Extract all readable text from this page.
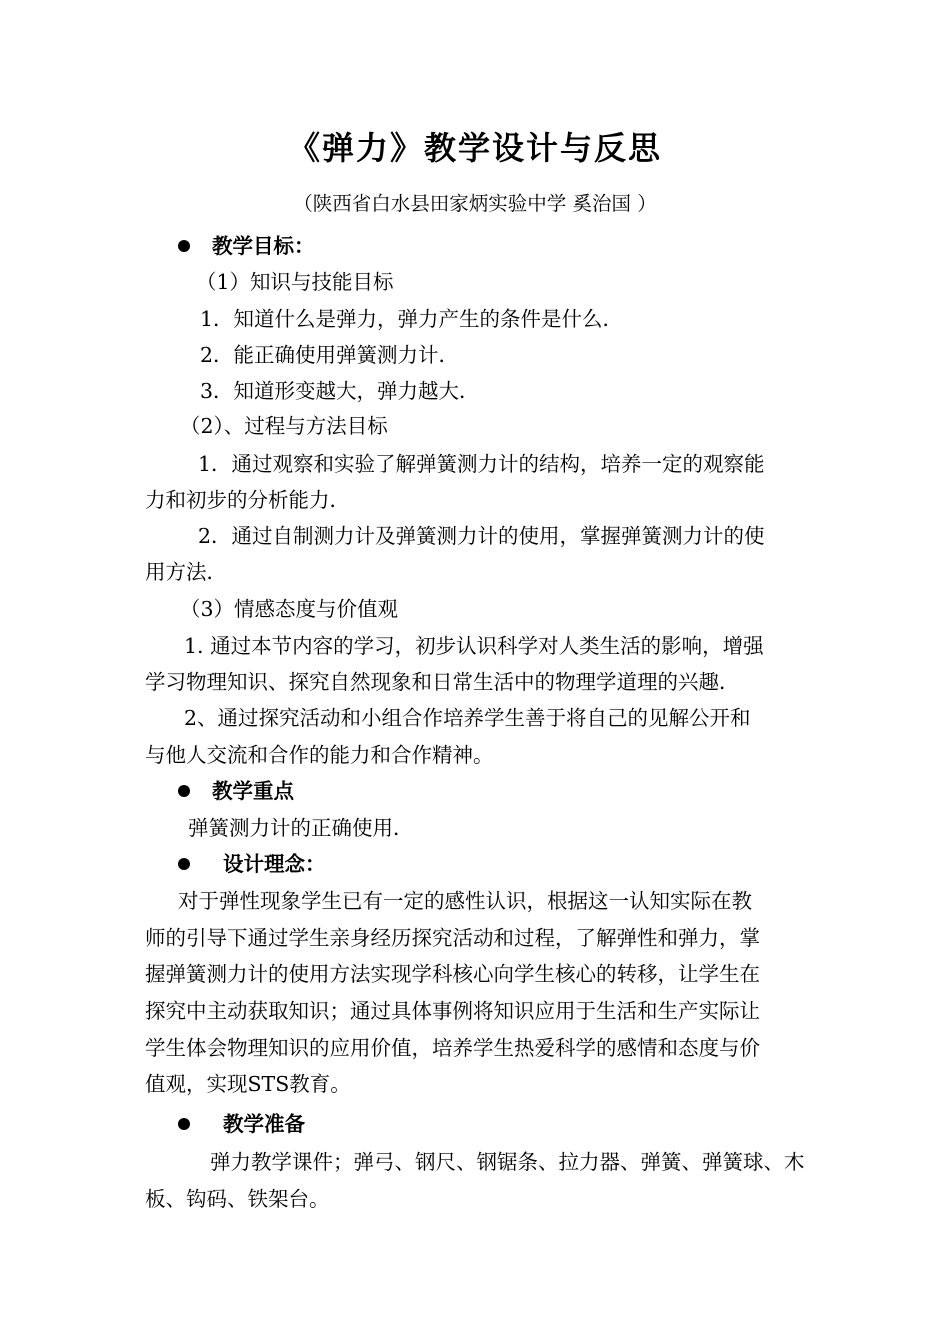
《弹力》教学设计与反思
（陕西省白水县田家炳实验中学 奚治国 ）
教学目标：
（1）知识与技能目标
1．知道什么是弹力，弹力产生的条件是什么．
2．能正确使用弹簧测力计．
3．知道形变越大，弹力越大．
（2）、过程与方法目标
1．通过观察和实验了解弹簧测力计的结构，培养一定的观察能
力和初步的分析能力．
2．通过自制测力计及弹簧测力计的使用，掌握弹簧测力计的使
用方法．
（3）情感态度与价值观
1. 通过本节内容的学习，初步认识科学对人类生活的影响，增强
学习物理知识、探究自然现象和日常生活中的物理学道理的兴趣．
2、通过探究活动和小组合作培养学生善于将自己的见解公开和
与他人交流和合作的能力和合作精神。
教学重点
弹簧测力计的正确使用．
设计理念：
对于弹性现象学生已有一定的感性认识，根据这一认知实际在教
师的引导下通过学生亲身经历探究活动和过程，了解弹性和弹力，掌
握弹簧测力计的使用方法实现学科核心向学生核心的转移，让学生在
探究中主动获取知识；通过具体事例将知识应用于生活和生产实际让
学生体会物理知识的应用价值，培养学生热爱科学的感情和态度与价
值观，实现STS教育。
教学准备
弹力教学课件；弹弓、钢尺、钢锯条、拉力器、弹簧、弹簧球、木
板、钩码、铁架台。
